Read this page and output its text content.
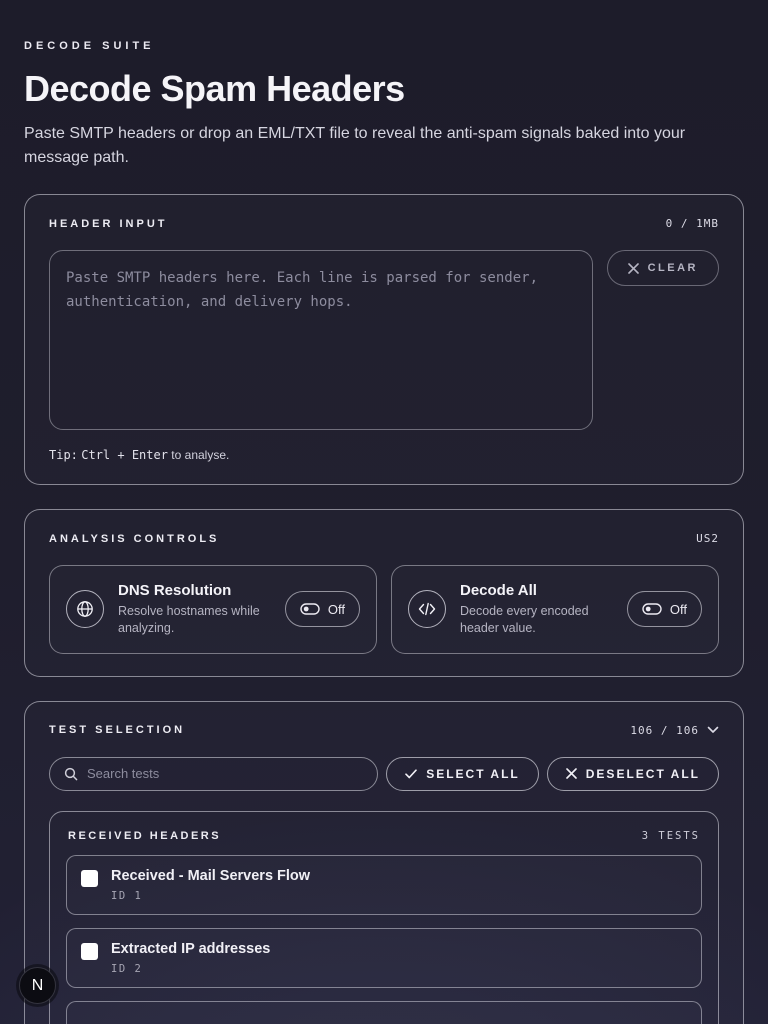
DECODE SUITE
Decode Spam Headers

Paste SMTP headers or drop an EML/TXT file to reveal the anti-spam signals baked into your message path.

HEADER INPUT	0 / 1MB
Paste SMTP headers here. Each line is parsed for sender, authentication, and delivery hops.
CLEAR
Tip: Ctrl + Enter to analyse.
ANALYSIS CONTROLS	US2
DNS Resolution
Resolve hostnames while analyzing.
Off
Decode All
Decode every encoded header value.
Off
TEST SELECTION	106 / 106
Search tests
SELECT ALL	DESELECT ALL
RECEIVED HEADERS	3 TESTS
Received - Mail Servers Flow
ID 1
Extracted IP addresses
ID 2
N
